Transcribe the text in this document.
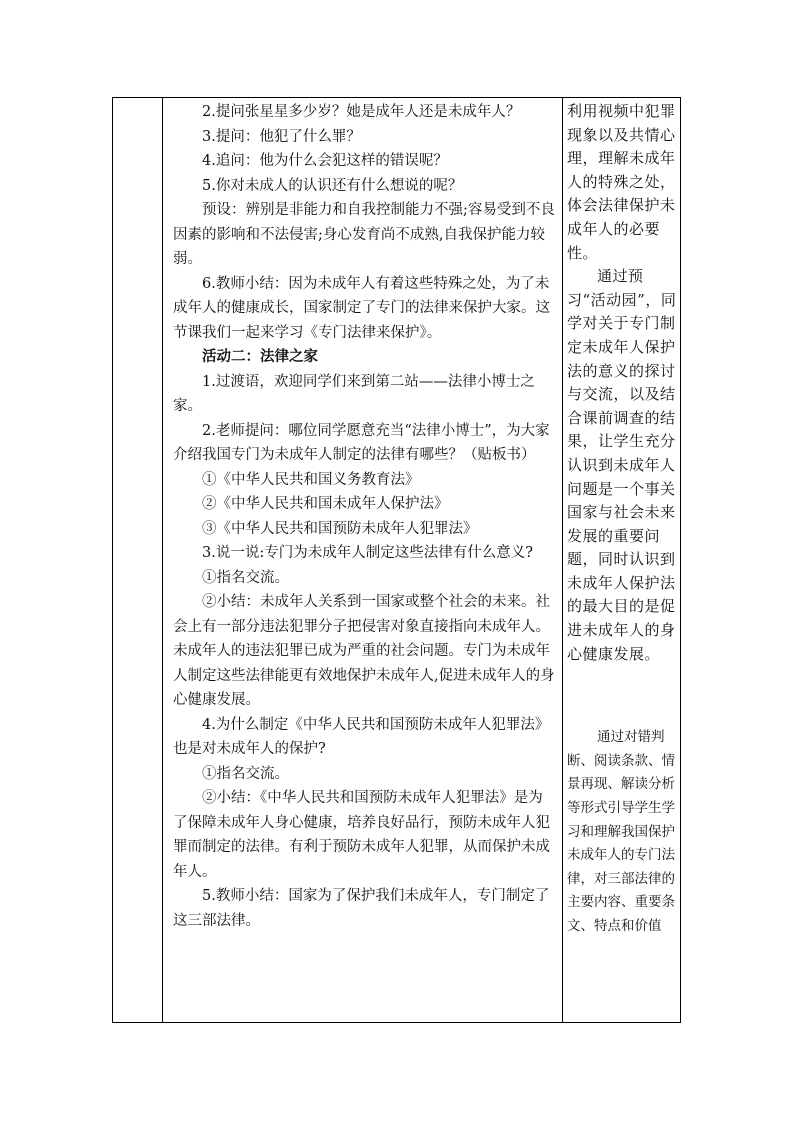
2.提问张星星多少岁？她是成年人还是未成年人？

3.提问：他犯了什么罪？

4.追问：他为什么会犯这样的错误呢？

5.你对未成人的认识还有什么想说的呢？

预设：辨别是非能力和自我控制能力不强;容易受到不良因素的影响和不法侵害;身心发育尚不成熟,自我保护能力较弱。

6.教师小结：因为未成年人有着这些特殊之处，为了未成年人的健康成长，国家制定了专门的法律来保护大家。这节课我们一起来学习《专门法律来保护》。

活动二：法律之家

1.过渡语，欢迎同学们来到第二站——法律小博士之家。

2.老师提问：哪位同学愿意充当“法律小博士”，为大家介绍我国专门为未成年人制定的法律有哪些？（贴板书）

①《中华人民共和国义务教育法》

②《中华人民共和国未成年人保护法》

③《中华人民共和国预防未成年人犯罪法》

3.说一说:专门为未成年人制定这些法律有什么意义?

①指名交流。

②小结：未成年人关系到一国家或整个社会的未来。社会上有一部分违法犯罪分子把侵害对象直接指向未成年人。未成年人的违法犯罪已成为严重的社会问题。专门为未成年人制定这些法律能更有效地保护未成年人,促进未成年人的身心健康发展。

4.为什么制定《中华人民共和国预防未成年人犯罪法》也是对未成年人的保护?

①指名交流。

②小结：《中华人民共和国预防未成年人犯罪法》是为了保障未成年人身心健康，培养良好品行，预防未成年人犯罪而制定的法律。有利于预防未成年人犯罪，从而保护未成年人。

5.教师小结：国家为了保护我们未成年人，专门制定了这三部法律。

利用视频中犯罪现象以及共情心理，理解未成年人的特殊之处，体会法律保护未成年人的必要性。

通过预习“活动园”，同学对关于专门制定未成年人保护法的意义的探讨与交流，以及结合课前调查的结果，让学生充分认识到未成年人问题是一个事关国家与社会未来发展的重要问题，同时认识到未成年人保护法的最大目的是促进未成年人的身心健康发展。

通过对错判断、阅读条款、情景再现、解读分析等形式引导学生学习和理解我国保护未成年人的专门法律，对三部法律的主要内容、重要条文、特点和价值
